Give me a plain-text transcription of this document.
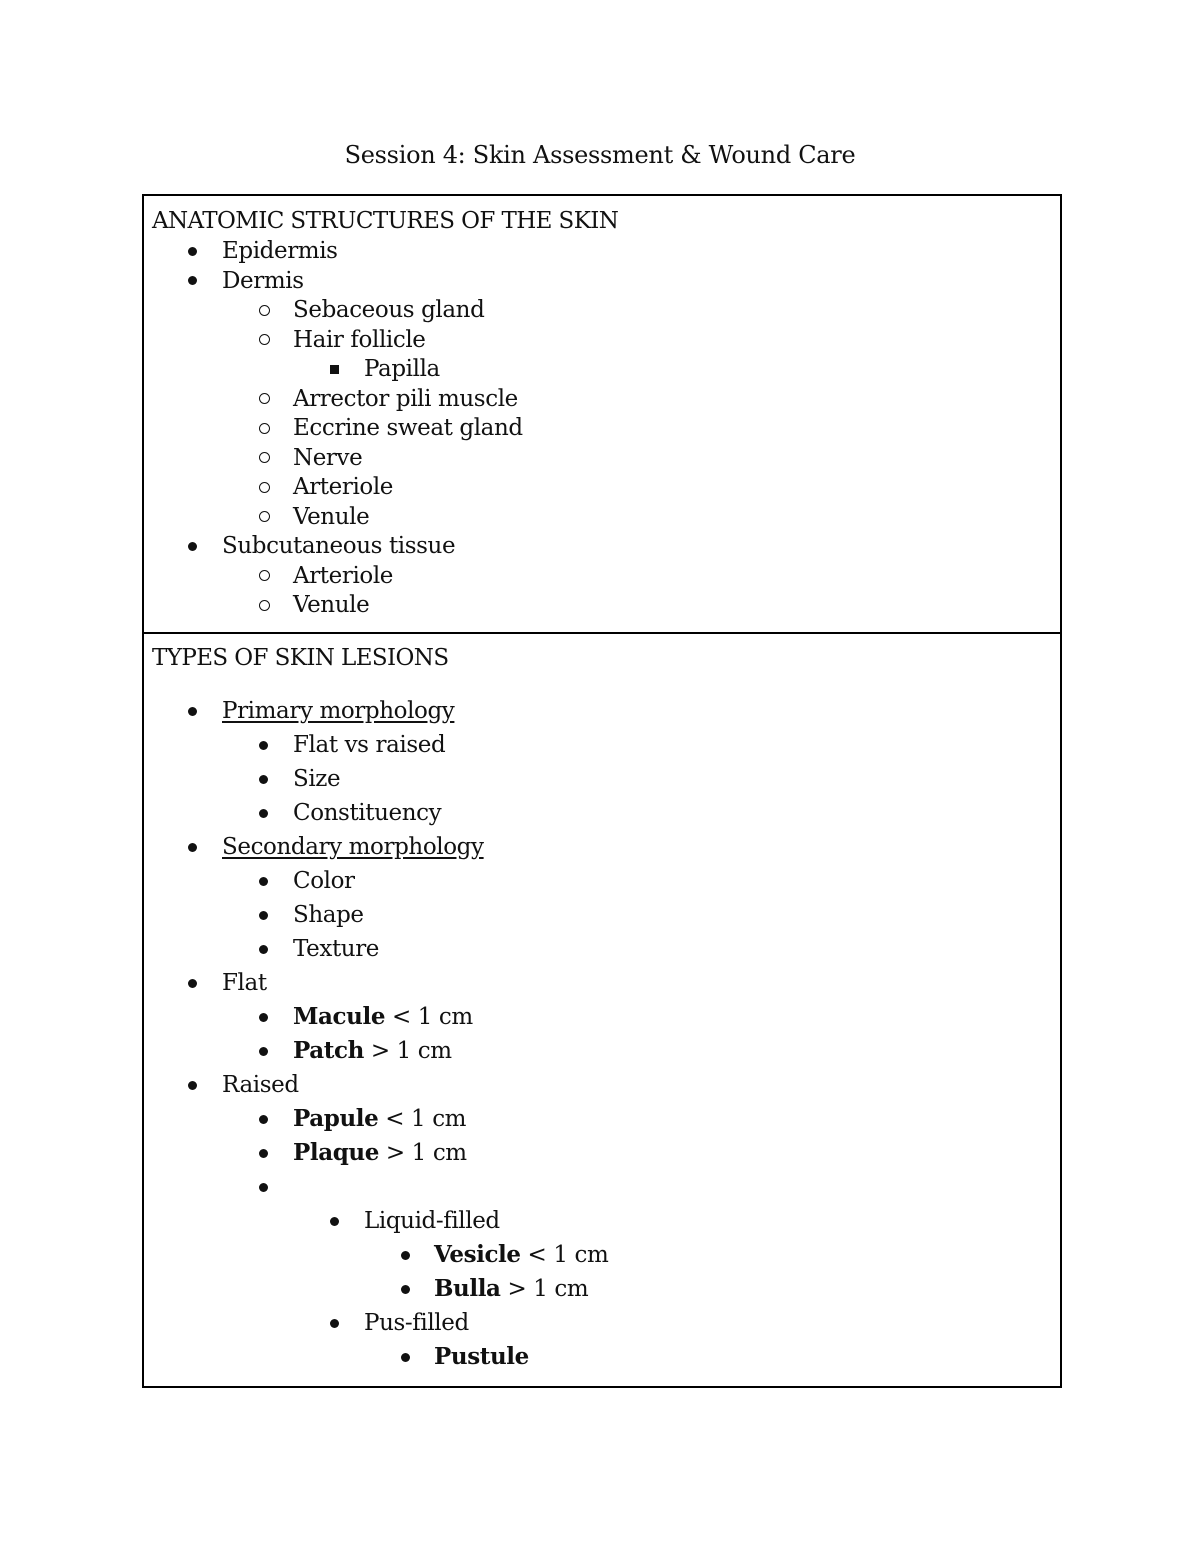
Session 4: Skin Assessment & Wound Care
ANATOMIC STRUCTURES OF THE SKIN
Epidermis
Dermis
Sebaceous gland
Hair follicle
Papilla
Arrector pili muscle
Eccrine sweat gland
Nerve
Arteriole
Venule
Subcutaneous tissue
Arteriole
Venule
TYPES OF SKIN LESIONS
Primary morphology
Flat vs raised
Size
Constituency
Secondary morphology
Color
Shape
Texture
Flat
Macule < 1 cm
Patch > 1 cm
Raised
Papule < 1 cm
Plaque > 1 cm
Liquid-filled
Vesicle < 1 cm
Bulla > 1 cm
Pus-filled
Pustule
